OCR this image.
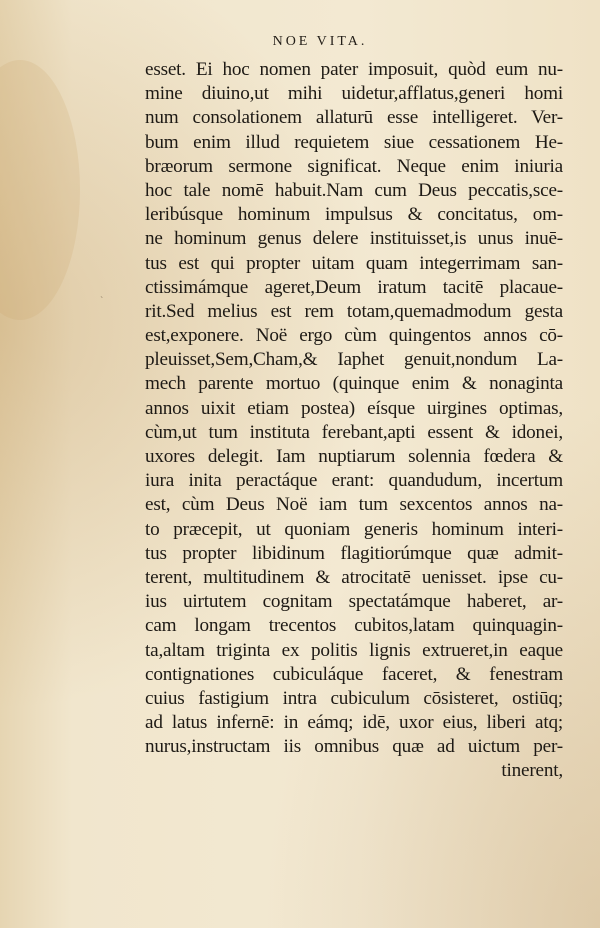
NOE VITA.
`
esset. Ei hoc nomen pater imposuit, quòd eum nu-
mine diuino,ut mihi uidetur,afflatus,generi homi
num consolationem allaturū esse intelligeret. Ver-
bum enim illud requietem siue cessationem He-
bræorum sermone significat. Neque enim iniuria
hoc tale nomē habuit.Nam cum Deus peccatis,sce-
leribúsque hominum impulsus & concitatus, om-
ne hominum genus delere instituisset,is unus inuē-
tus est qui propter uitam quam integerrimam san-
ctissimámque ageret,Deum iratum tacitē placaue-
rit.Sed melius est rem totam,quemadmodum gesta
est,exponere. Noë ergo cùm quingentos annos cō-
pleuisset,Sem,Cham,& Iaphet genuit,nondum La-
mech parente mortuo (quinque enim & nonaginta
annos uixit etiam postea) eísque uirgines optimas,
cùm,ut tum instituta ferebant,apti essent & idonei,
uxores delegit. Iam nuptiarum solennia fœdera &
iura inita peractáque erant: quandudum, incertum
est, cùm Deus Noë iam tum sexcentos annos na-
to præcepit, ut quoniam generis hominum interi-
tus propter libidinum flagitiorúmque quæ admit-
terent, multitudinem & atrocitatē uenisset. ipse cu-
ius uirtutem cognitam spectatámque haberet, ar-
cam longam trecentos cubitos,latam quinquagin-
ta,altam triginta ex politis lignis extrueret,in eaque
contignationes cubiculáque faceret, & fenestram
cuius fastigium intra cubiculum cōsisteret, ostiūq;
ad latus infernē: in eámq; idē, uxor eius, liberi atq;
nurus,instructam iis omnibus quæ ad uictum per-
tinerent,
